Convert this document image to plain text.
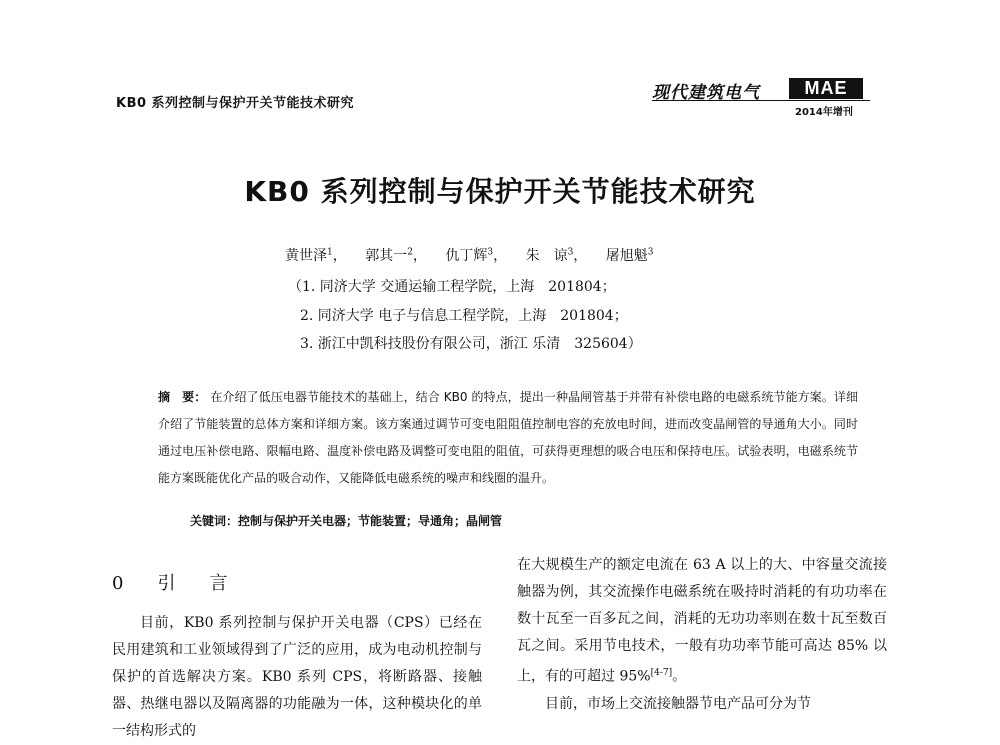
KB0 系列控制与保护开关节能技术研究
现代建筑电气	MAE
2014年增刊
KB0 系列控制与保护开关节能技术研究
黄世泽$^1$， 郭其一$^2$， 仇丁辉$^3$， 朱　谅$^3$， 屠旭魁$^3$
（1. 同济大学 交通运输工程学院，上海　201804；
2. 同济大学 电子与信息工程学院，上海　201804；
3. 浙江中凯科技股份有限公司，浙江 乐清　325604）
摘　要： 在介绍了低压电器节能技术的基础上，结合 KB0 的特点，提出一种晶闸管基于并带有补偿电路的电磁系统节能方案。详细介绍了节能装置的总体方案和详细方案。该方案通过调节可变电阻阻值控制电容的充放电时间，进而改变晶闸管的导通角大小。同时通过电压补偿电路、限幅电路、温度补偿电路及调整可变电阻的阻值，可获得更理想的吸合电压和保持电压。试验表明，电磁系统节能方案既能优化产品的吸合动作，又能降低电磁系统的噪声和线圈的温升。
关键词：控制与保护开关电器；节能装置；导通角；晶闸管
0　引　言

目前，KB0 系列控制与保护开关电器（CPS）已经在民用建筑和工业领域得到了广泛的应用，成为电动机控制与保护的首选解决方案。KB0 系列 CPS，将断路器、接触器、热继电器以及隔离器的功能融为一体，这种模块化的单一结构形式的

在大规模生产的额定电流在 63 A 以上的大、中容量交流接触器为例，其交流操作电磁系统在吸持时消耗的有功功率在数十瓦至一百多瓦之间，消耗的无功功率则在数十瓦至数百瓦之间。采用节电技术，一般有功功率节能可高达 85% 以上，有的可超过 95%[4-7]。

目前，市场上交流接触器节电产品可分为节
